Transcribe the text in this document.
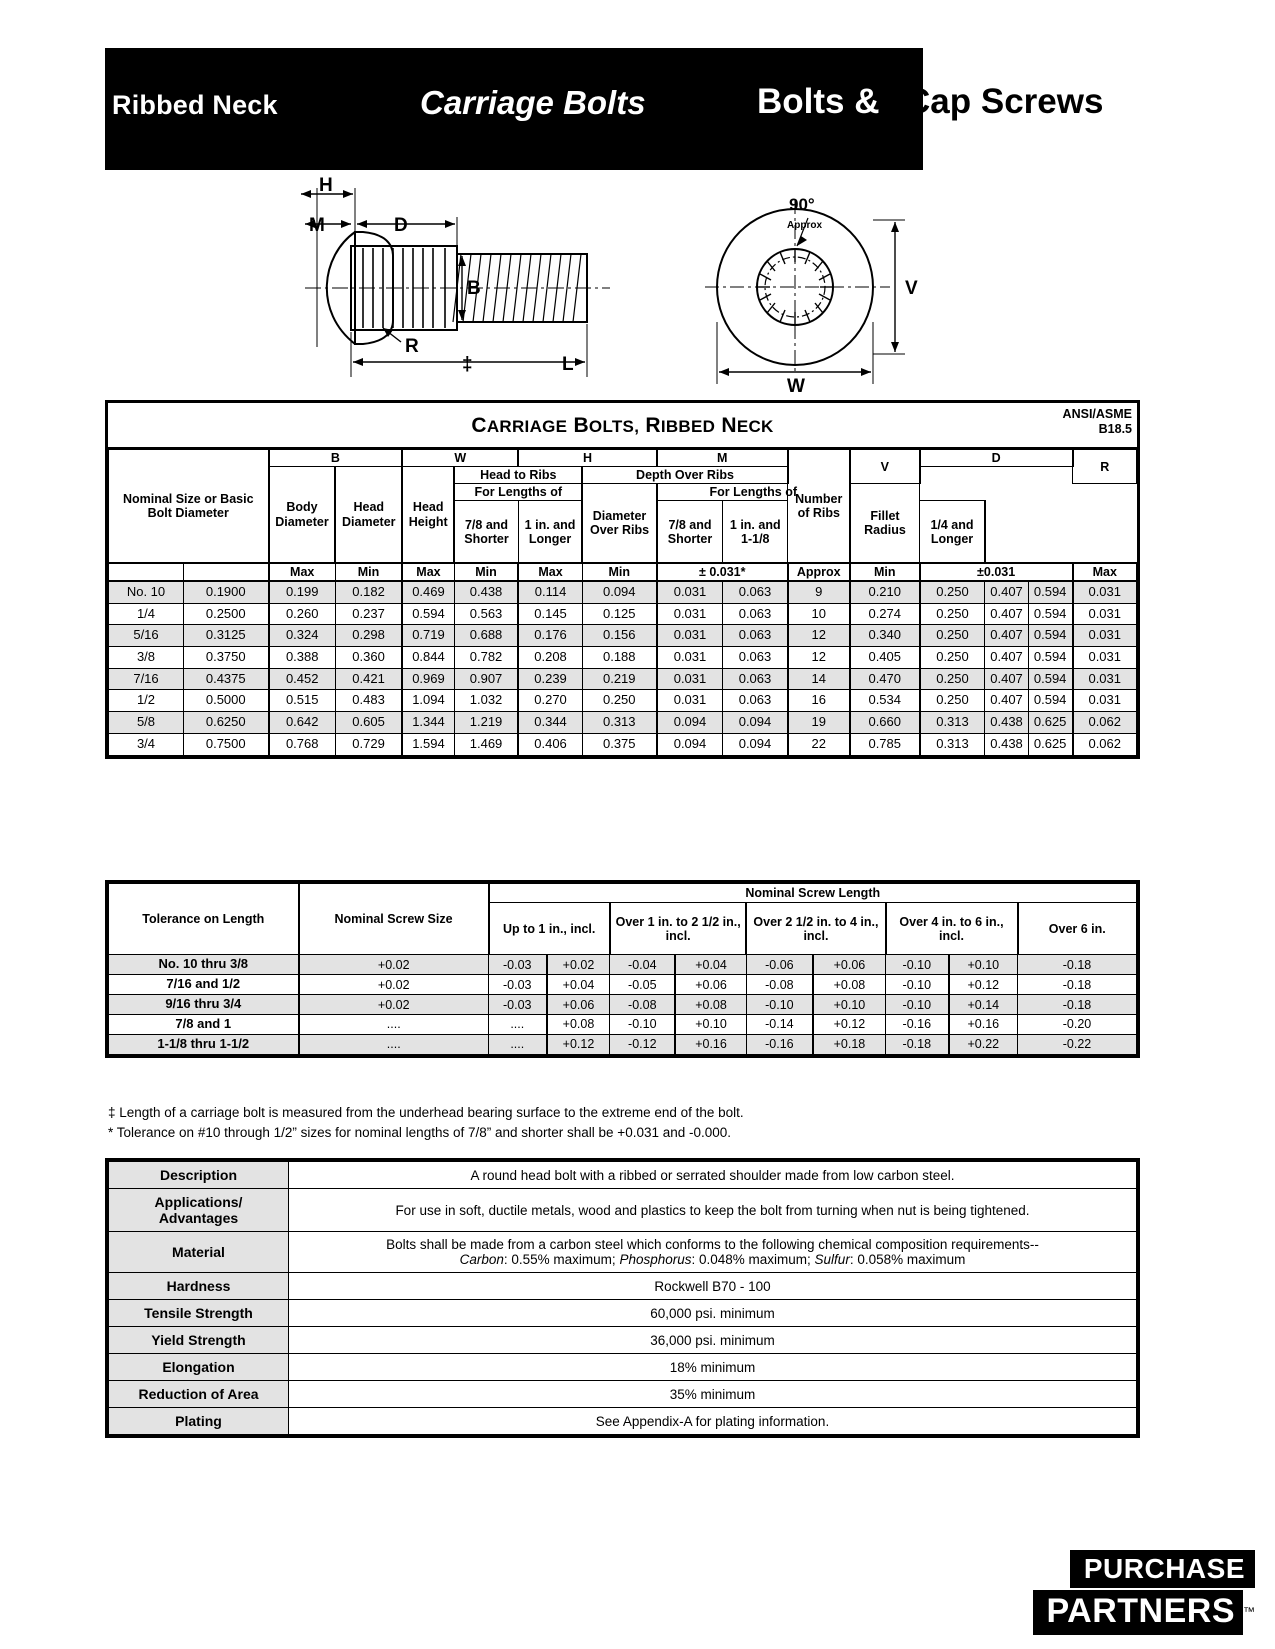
Ribbed Neck	Carriage Bolts	Bolts & Cap Screws
H
M	D
B
R
‡	L
90°
Approx
V
W
CARRIAGE BOLTS, RIBBED NECK
ANSI/ASME
B18.5
Nominal Size or Basic Bolt Diameter		B		W		H		M		Number of Ribs	V	D			R
		Body Diameter	Head Diameter	Head Height	Head to Ribs		Depth Over Ribs								
					For Lengths of		Diameter Over Ribs	For Lengths of			Fillet Radius				
					7/8 and Shorter	1 in. and Longer		7/8 and Shorter	1 in. and 1-1/8			1/4 and Longer			
		Max	Min	Max	Min	Max	Min	± 0.031*		Approx	Min	±0.031			Max
No. 10	0.1900	0.199	0.182	0.469	0.438	0.114	0.094	0.031	0.063	9	0.210	0.250	0.407	0.594	0.031
1/4	0.2500	0.260	0.237	0.594	0.563	0.145	0.125	0.031	0.063	10	0.274	0.250	0.407	0.594	0.031
5/16	0.3125	0.324	0.298	0.719	0.688	0.176	0.156	0.031	0.063	12	0.340	0.250	0.407	0.594	0.031
3/8	0.3750	0.388	0.360	0.844	0.782	0.208	0.188	0.031	0.063	12	0.405	0.250	0.407	0.594	0.031
7/16	0.4375	0.452	0.421	0.969	0.907	0.239	0.219	0.031	0.063	14	0.470	0.250	0.407	0.594	0.031
1/2	0.5000	0.515	0.483	1.094	1.032	0.270	0.250	0.031	0.063	16	0.534	0.250	0.407	0.594	0.031
5/8	0.6250	0.642	0.605	1.344	1.219	0.344	0.313	0.094	0.094	19	0.660	0.313	0.438	0.625	0.062
3/4	0.7500	0.768	0.729	1.594	1.469	0.406	0.375	0.094	0.094	22	0.785	0.313	0.438	0.625	0.062
Tolerance on Length	Nominal Screw Size	Nominal Screw Length								
		Up to 1 in., incl.		Over 1 in. to 2 1/2 in., incl.		Over 2 1/2 in. to 4 in., incl.		Over 4 in. to 6 in., incl.		Over 6 in.
No. 10 thru 3/8	+0.02	-0.03	+0.02	-0.04	+0.04	-0.06	+0.06	-0.10	+0.10	-0.18
7/16 and 1/2	+0.02	-0.03	+0.04	-0.05	+0.06	-0.08	+0.08	-0.10	+0.12	-0.18
9/16 thru 3/4	+0.02	-0.03	+0.06	-0.08	+0.08	-0.10	+0.10	-0.10	+0.14	-0.18
7/8 and 1	....	....	+0.08	-0.10	+0.10	-0.14	+0.12	-0.16	+0.16	-0.20
1-1/8 thru 1-1/2	....	....	+0.12	-0.12	+0.16	-0.16	+0.18	-0.18	+0.22	-0.22
‡ Length of a carriage bolt is measured from the underhead bearing surface to the extreme end of the bolt.
* Tolerance on #10 through 1/2” sizes for nominal lengths of 7/8” and shorter shall be +0.031 and -0.000.
Description	A round head bolt with a ribbed or serrated shoulder made from low carbon steel.

Applications/
Advantages	For use in soft, ductile metals, wood and plastics to keep the bolt from turning when nut is being tightened.
Material	Bolts shall be made from a carbon steel which conforms to the following chemical composition requirements--
Carbon: 0.55% maximum; Phosphorus: 0.048% maximum; Sulfur: 0.058% maximum

Hardness	Rockwell B70 - 100
Tensile Strength	60,000 psi. minimum
Yield Strength	36,000 psi. minimum
Elongation	18% minimum
Reduction of Area	35% minimum
Plating	See Appendix-A for plating information.
PURCHASE
PARTNERS ™
